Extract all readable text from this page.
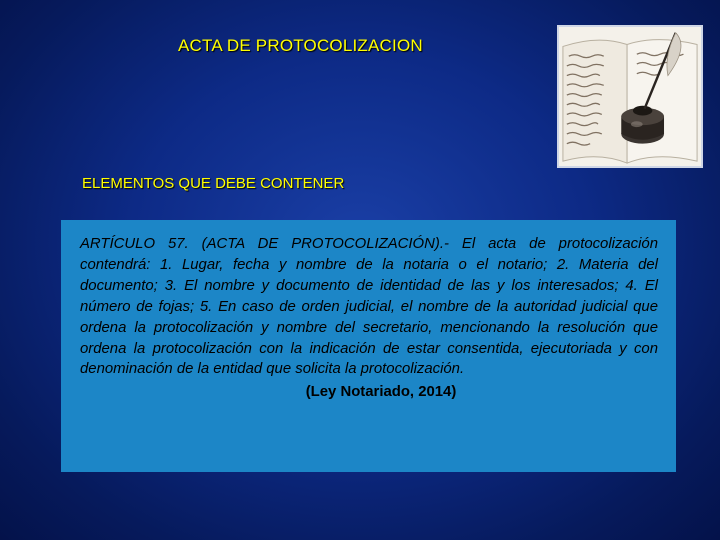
ACTA DE PROTOCOLIZACION
ELEMENTOS QUE DEBE CONTENER

ARTÍCULO 57. (ACTA DE PROTOCOLIZACIÓN).- El acta de protocolización contendrá: 1. Lugar, fecha y nombre de la notaria o el notario; 2. Materia del documento; 3. El nombre y documento de identidad de las y los interesados; 4. El número de fojas; 5. En caso de orden judicial, el nombre de la autoridad judicial que ordena la protocolización y nombre del secretario, mencionando la resolución que ordena la protocolización con la indicación de estar consentida, ejecutoriada y con denominación de la entidad que solicita la protocolización.

(Ley Notariado, 2014)
